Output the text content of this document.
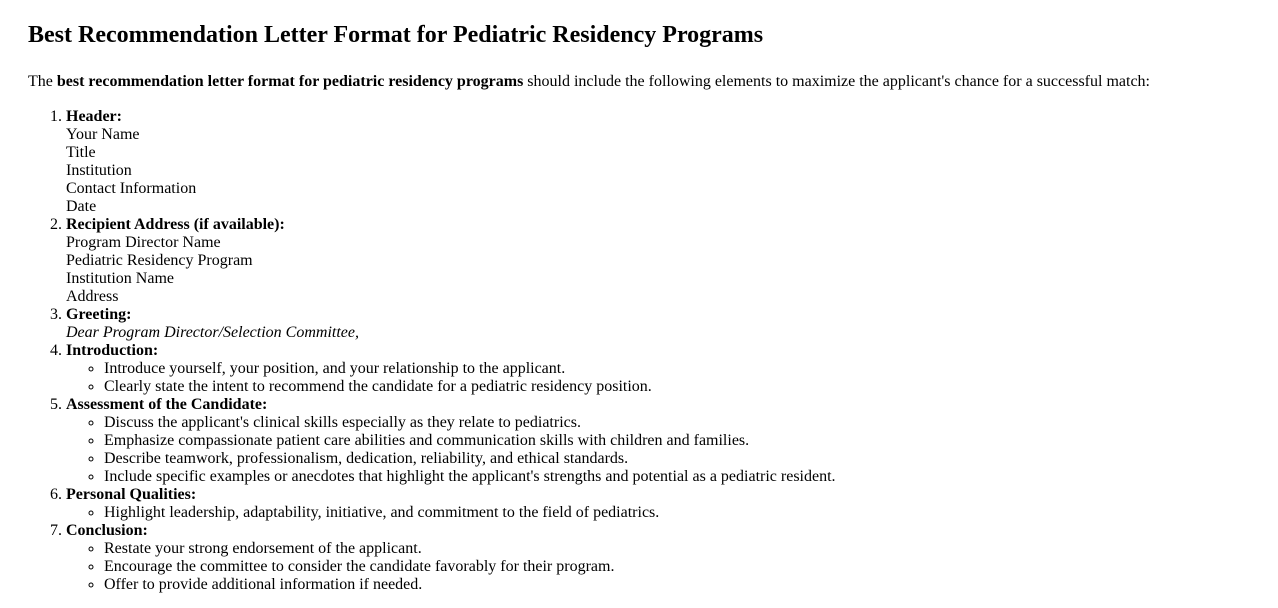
Best Recommendation Letter Format for Pediatric Residency Programs

The best recommendation letter format for pediatric residency programs should include the following elements to maximize the applicant's chance for a successful match:

1. Header:
Your Name
Title
Institution
Contact Information
Date
2. Recipient Address (if available):
Program Director Name
Pediatric Residency Program
Institution Name
Address
3. Greeting:
Dear Program Director/Selection Committee,
4. Introduction:
◦ Introduce yourself, your position, and your relationship to the applicant.
◦ Clearly state the intent to recommend the candidate for a pediatric residency position.
5. Assessment of the Candidate:
◦ Discuss the applicant's clinical skills especially as they relate to pediatrics.
◦ Emphasize compassionate patient care abilities and communication skills with children and families.
◦ Describe teamwork, professionalism, dedication, reliability, and ethical standards.
◦ Include specific examples or anecdotes that highlight the applicant's strengths and potential as a pediatric resident.
6. Personal Qualities:
◦ Highlight leadership, adaptability, initiative, and commitment to the field of pediatrics.
7. Conclusion:
◦ Restate your strong endorsement of the applicant.
◦ Encourage the committee to consider the candidate favorably for their program.
◦ Offer to provide additional information if needed.
